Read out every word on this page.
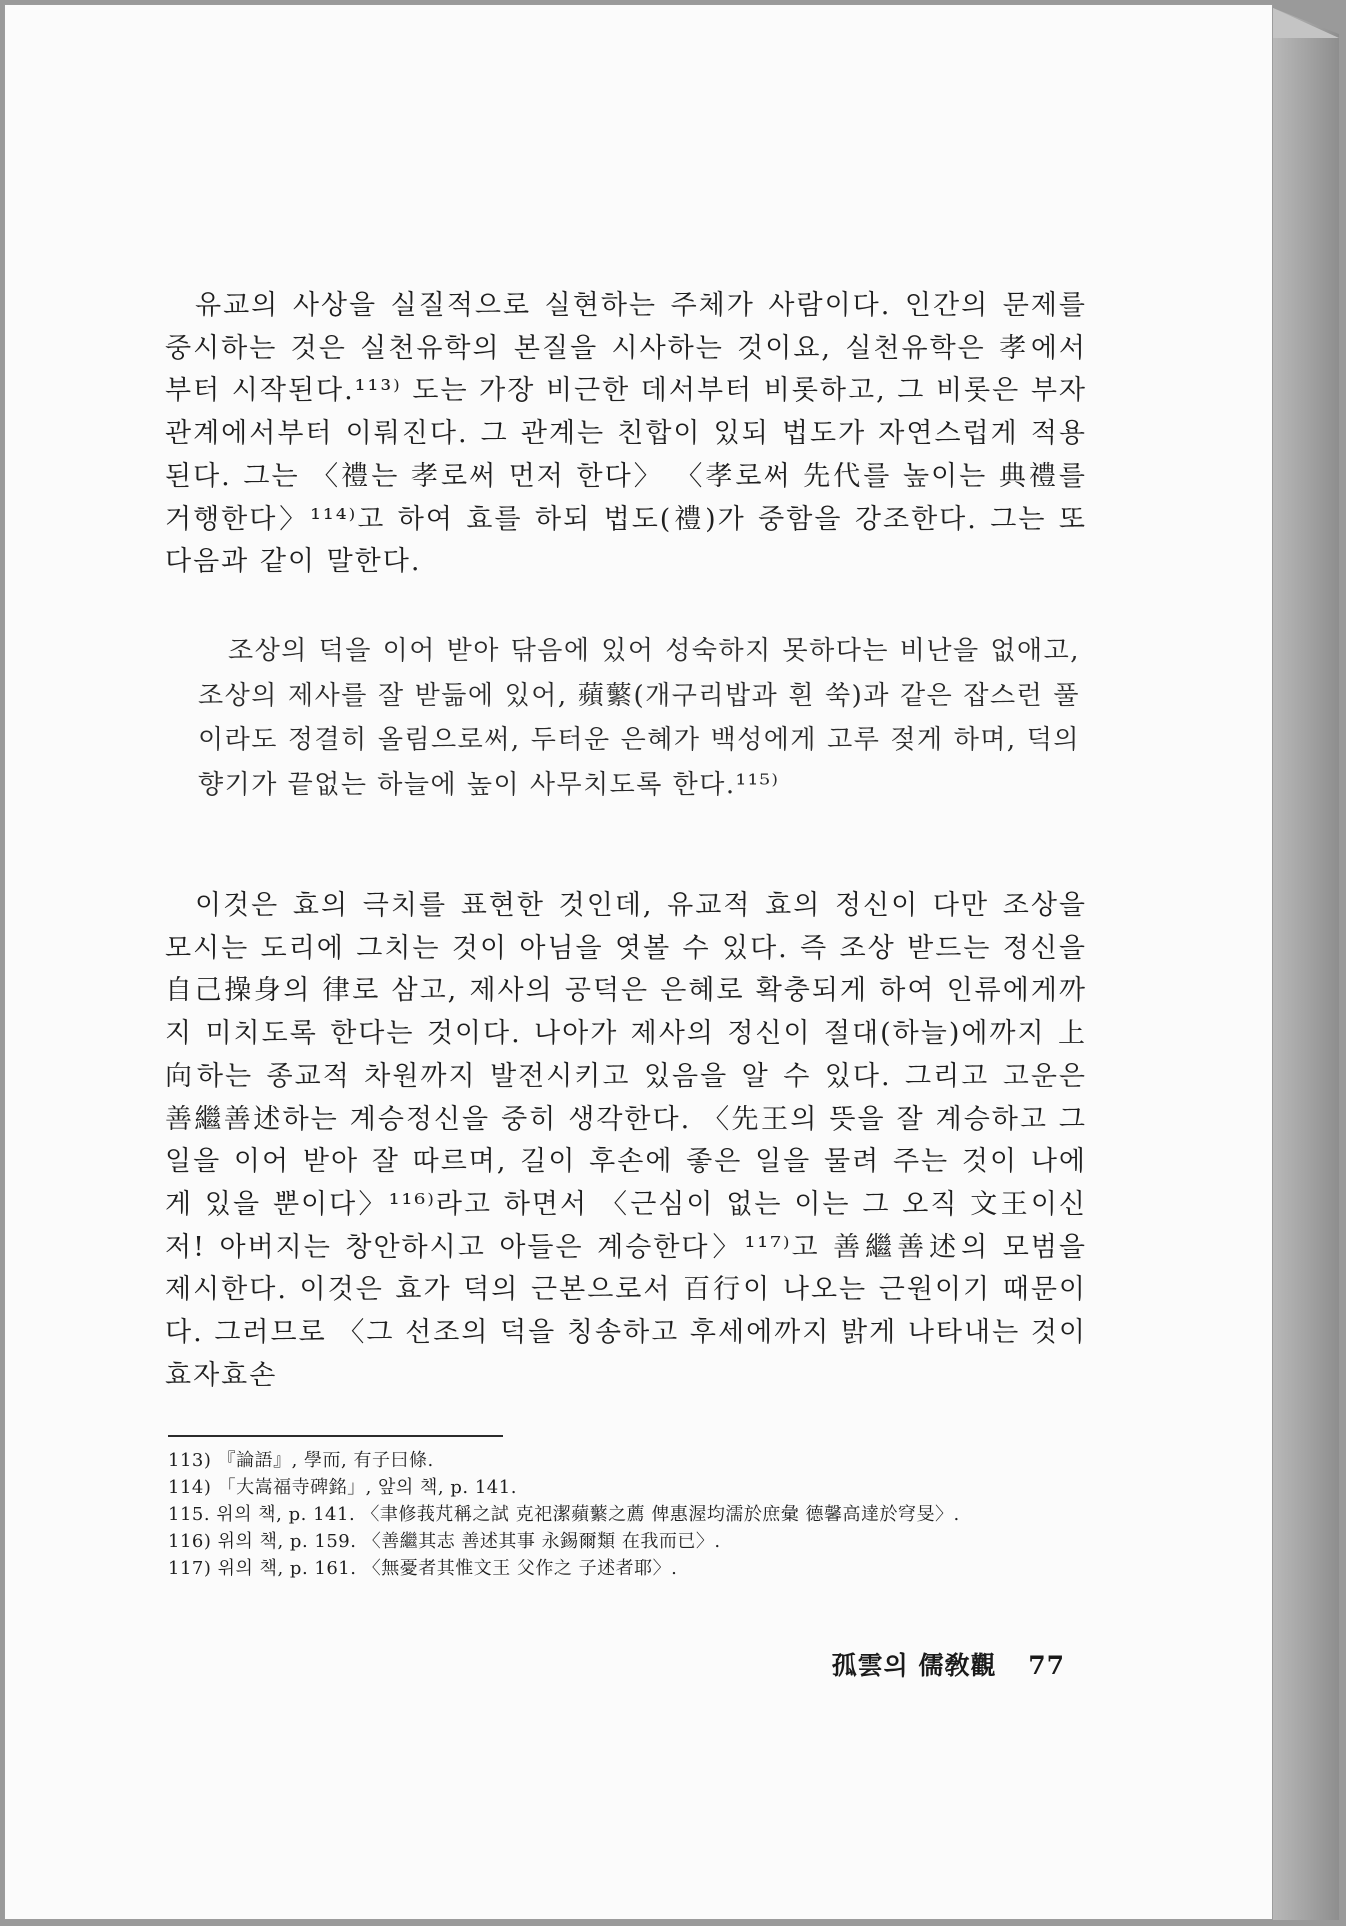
유교의 사상을 실질적으로 실현하는 주체가 사람이다. 인간의 문제를 중시하는 것은 실천유학의 본질을 시사하는 것이요, 실천유학은 孝에서부터 시작된다.¹¹³⁾ 도는 가장 비근한 데서부터 비롯하고, 그 비롯은 부자관계에서부터 이뤄진다. 그 관계는 친합이 있되 법도가 자연스럽게 적용된다. 그는 〈禮는 孝로써 먼저 한다〉 〈孝로써 先代를 높이는 典禮를 거행한다〉¹¹⁴⁾고 하여 효를 하되 법도(禮)가 중함을 강조한다. 그는 또 다음과 같이 말한다.

조상의 덕을 이어 받아 닦음에 있어 성숙하지 못하다는 비난을 없애고, 조상의 제사를 잘 받듦에 있어, 蘋蘩(개구리밥과 흰 쑥)과 같은 잡스런 풀이라도 정결히 올림으로써, 두터운 은혜가 백성에게 고루 젖게 하며, 덕의 향기가 끝없는 하늘에 높이 사무치도록 한다.¹¹⁵⁾

이것은 효의 극치를 표현한 것인데, 유교적 효의 정신이 다만 조상을 모시는 도리에 그치는 것이 아님을 엿볼 수 있다. 즉 조상 받드는 정신을 自己操身의 律로 삼고, 제사의 공덕은 은혜로 확충되게 하여 인류에게까지 미치도록 한다는 것이다. 나아가 제사의 정신이 절대(하늘)에까지 上向하는 종교적 차원까지 발전시키고 있음을 알 수 있다. 그리고 고운은 善繼善述하는 계승정신을 중히 생각한다. 〈先王의 뜻을 잘 계승하고 그 일을 이어 받아 잘 따르며, 길이 후손에 좋은 일을 물려 주는 것이 나에게 있을 뿐이다〉¹¹⁶⁾라고 하면서 〈근심이 없는 이는 그 오직 文王이신저! 아버지는 창안하시고 아들은 계승한다〉¹¹⁷⁾고 善繼善述의 모범을 제시한다. 이것은 효가 덕의 근본으로서 百行이 나오는 근원이기 때문이다. 그러므로 〈그 선조의 덕을 칭송하고 후세에까지 밝게 나타내는 것이 효자효손

113) 『論語』, 學而, 有子曰條.

114) 「大嵩福寺碑銘」, 앞의 책, p. 141.

115. 위의 책, p. 141. 〈聿修莪芃稱之試 克祀潔蘋蘩之薦 俾惠渥均濡於庶彙 德馨高達於穹旻〉.

116) 위의 책, p. 159. 〈善繼其志 善述其事 永錫爾類 在我而已〉.

117) 위의 책, p. 161. 〈無憂者其惟文王 父作之 子述者耶〉.

孤雲의 儒敎觀 77
